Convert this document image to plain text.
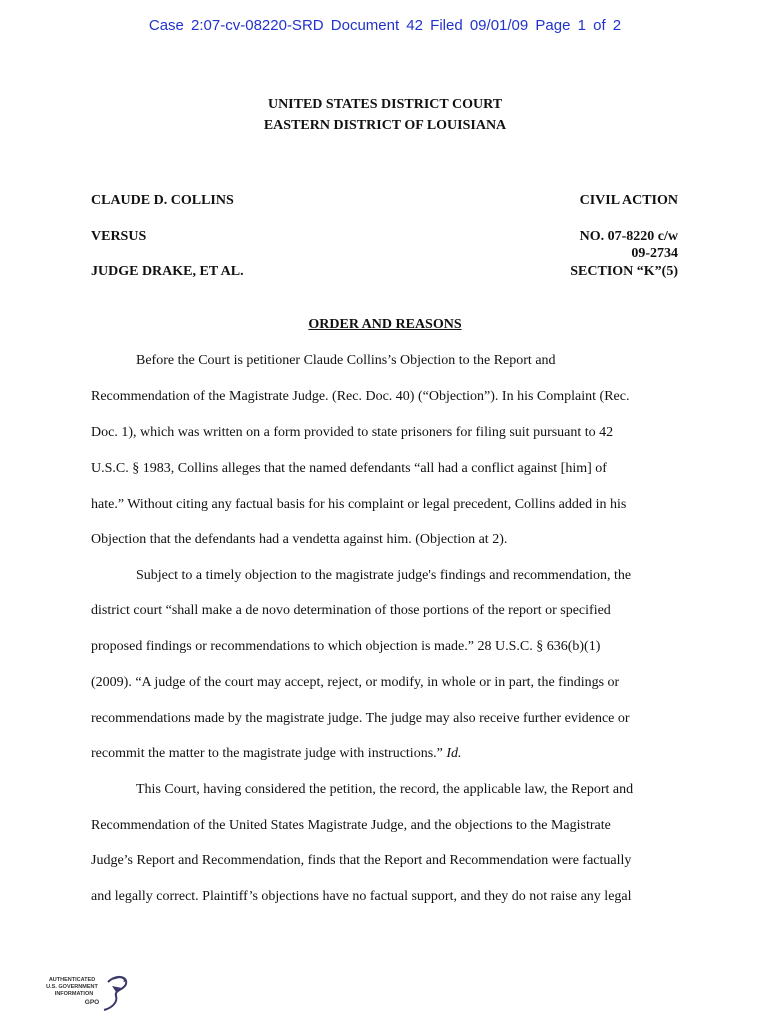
Case 2:07-cv-08220-SRD Document 42 Filed 09/01/09 Page 1 of 2
UNITED STATES DISTRICT COURT
EASTERN DISTRICT OF LOUISIANA
CLAUDE D. COLLINS
VERSUS
JUDGE DRAKE, ET AL.
CIVIL ACTION
NO. 07-8220 c/w
09-2734
SECTION “K”(5)
ORDER AND REASONS
Before the Court is petitioner Claude Collins’s Objection to the Report and
Recommendation of the Magistrate Judge. (Rec. Doc. 40) (“Objection”). In his Complaint (Rec.
Doc. 1), which was written on a form provided to state prisoners for filing suit pursuant to 42
U.S.C. § 1983, Collins alleges that the named defendants “all had a conflict against [him] of
hate.” Without citing any factual basis for his complaint or legal precedent, Collins added in his
Objection that the defendants had a vendetta against him. (Objection at 2).
Subject to a timely objection to the magistrate judge's findings and recommendation, the
district court “shall make a de novo determination of those portions of the report or specified
proposed findings or recommendations to which objection is made.” 28 U.S.C. § 636(b)(1)
(2009). “A judge of the court may accept, reject, or modify, in whole or in part, the findings or
recommendations made by the magistrate judge. The judge may also receive further evidence or
recommit the matter to the magistrate judge with instructions.” Id.
This Court, having considered the petition, the record, the applicable law, the Report and
Recommendation of the United States Magistrate Judge, and the objections to the Magistrate
Judge’s Report and Recommendation, finds that the Report and Recommendation were factually
and legally correct. Plaintiff’s objections have no factual support, and they do not raise any legal
AUTHENTICATED
U.S. GOVERNMENT
INFORMATION
GPO
